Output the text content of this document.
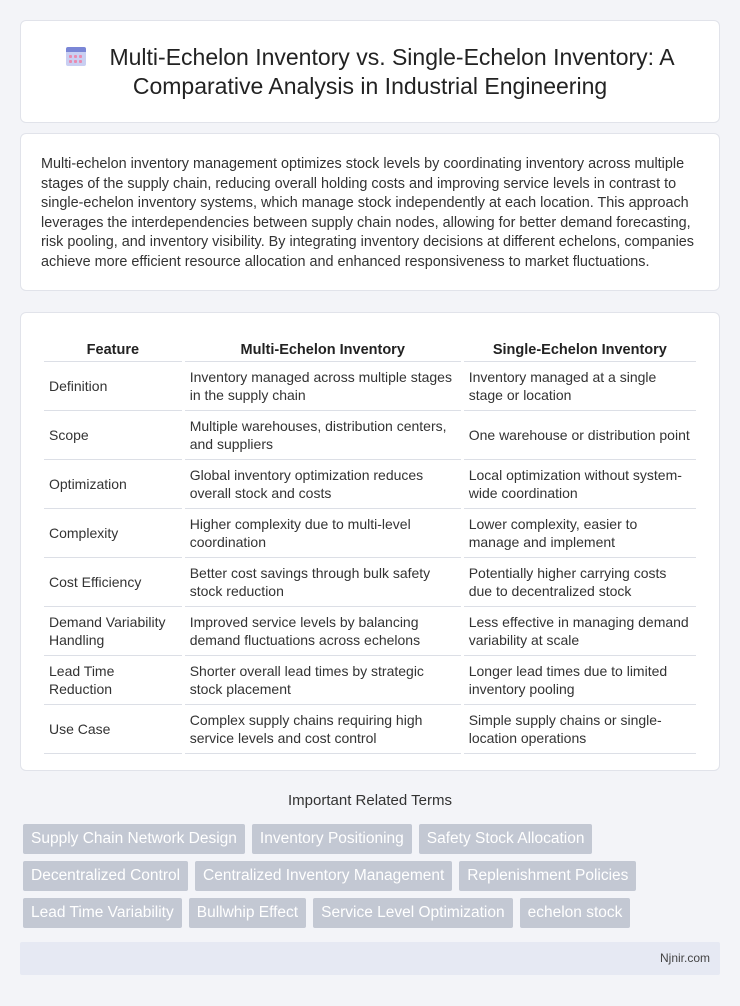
Multi-Echelon Inventory vs. Single-Echelon Inventory: A Comparative Analysis in Industrial Engineering

Multi-echelon inventory management optimizes stock levels by coordinating inventory across multiple stages of the supply chain, reducing overall holding costs and improving service levels in contrast to single-echelon inventory systems, which manage stock independently at each location. This approach leverages the interdependencies between supply chain nodes, allowing for better demand forecasting, risk pooling, and inventory visibility. By integrating inventory decisions at different echelons, companies achieve more efficient resource allocation and enhanced responsiveness to market fluctuations.

Feature	Multi-Echelon Inventory	Single-Echelon Inventory
Definition	Inventory managed across multiple stages in the supply chain	Inventory managed at a single stage or location
Scope	Multiple warehouses, distribution centers, and suppliers	One warehouse or distribution point
Optimization	Global inventory optimization reduces overall stock and costs	Local optimization without system-wide coordination
Complexity	Higher complexity due to multi-level coordination	Lower complexity, easier to manage and implement
Cost Efficiency	Better cost savings through bulk safety stock reduction	Potentially higher carrying costs due to decentralized stock
Demand Variability Handling	Improved service levels by balancing demand fluctuations across echelons	Less effective in managing demand variability at scale
Lead Time Reduction	Shorter overall lead times by strategic stock placement	Longer lead times due to limited inventory pooling
Use Case	Complex supply chains requiring high service levels and cost control	Simple supply chains or single-location operations
Important Related Terms
Supply Chain Network Design	Inventory Positioning	Safety Stock Allocation
Decentralized Control	Centralized Inventory Management	Replenishment Policies
Lead Time Variability	Bullwhip Effect	Service Level Optimization	echelon stock
Njnir.com
